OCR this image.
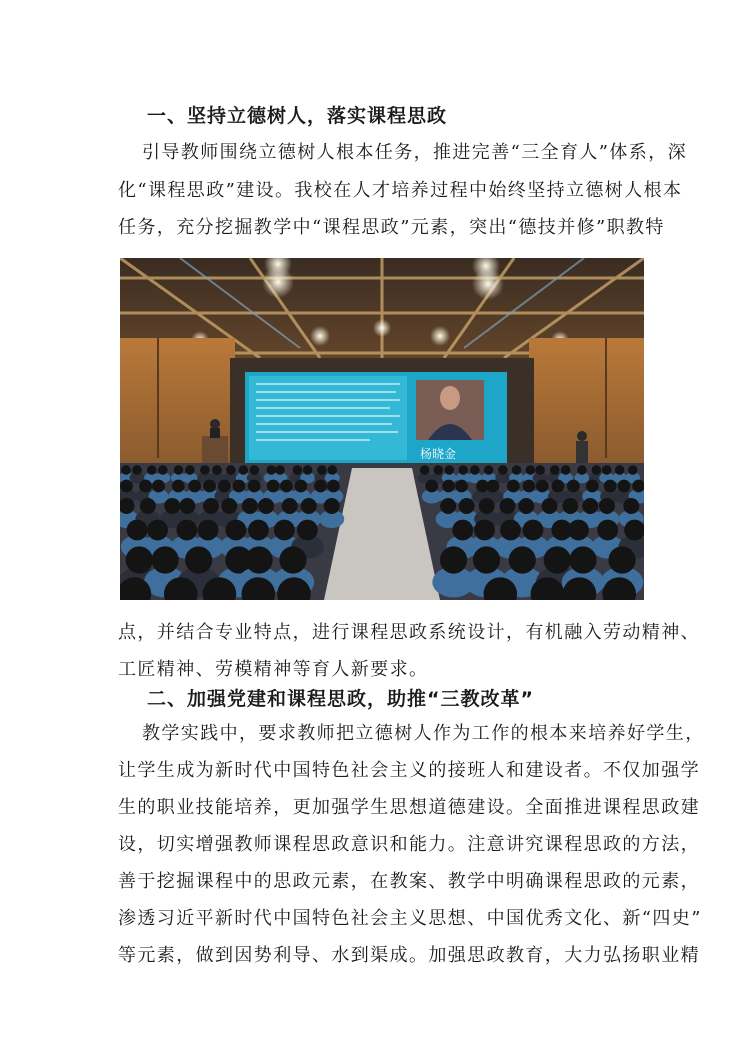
一、坚持立德树人，落实课程思政
引导教师围绕立德树人根本任务，推进完善“三全育人”体系，深
化“课程思政”建设。我校在人才培养过程中始终坚持立德树人根本
任务，充分挖掘教学中“课程思政”元素，突出“德技并修”职教特
杨晓金
点，并结合专业特点，进行课程思政系统设计，有机融入劳动精神、
工匠精神、劳模精神等育人新要求。
二、加强党建和课程思政，助推“三教改革”
教学实践中，要求教师把立德树人作为工作的根本来培养好学生，
让学生成为新时代中国特色社会主义的接班人和建设者。不仅加强学
生的职业技能培养，更加强学生思想道德建设。全面推进课程思政建
设，切实增强教师课程思政意识和能力。注意讲究课程思政的方法，
善于挖掘课程中的思政元素，在教案、教学中明确课程思政的元素，
渗透习近平新时代中国特色社会主义思想、中国优秀文化、新“四史”
等元素，做到因势利导、水到渠成。加强思政教育，大力弘扬职业精
